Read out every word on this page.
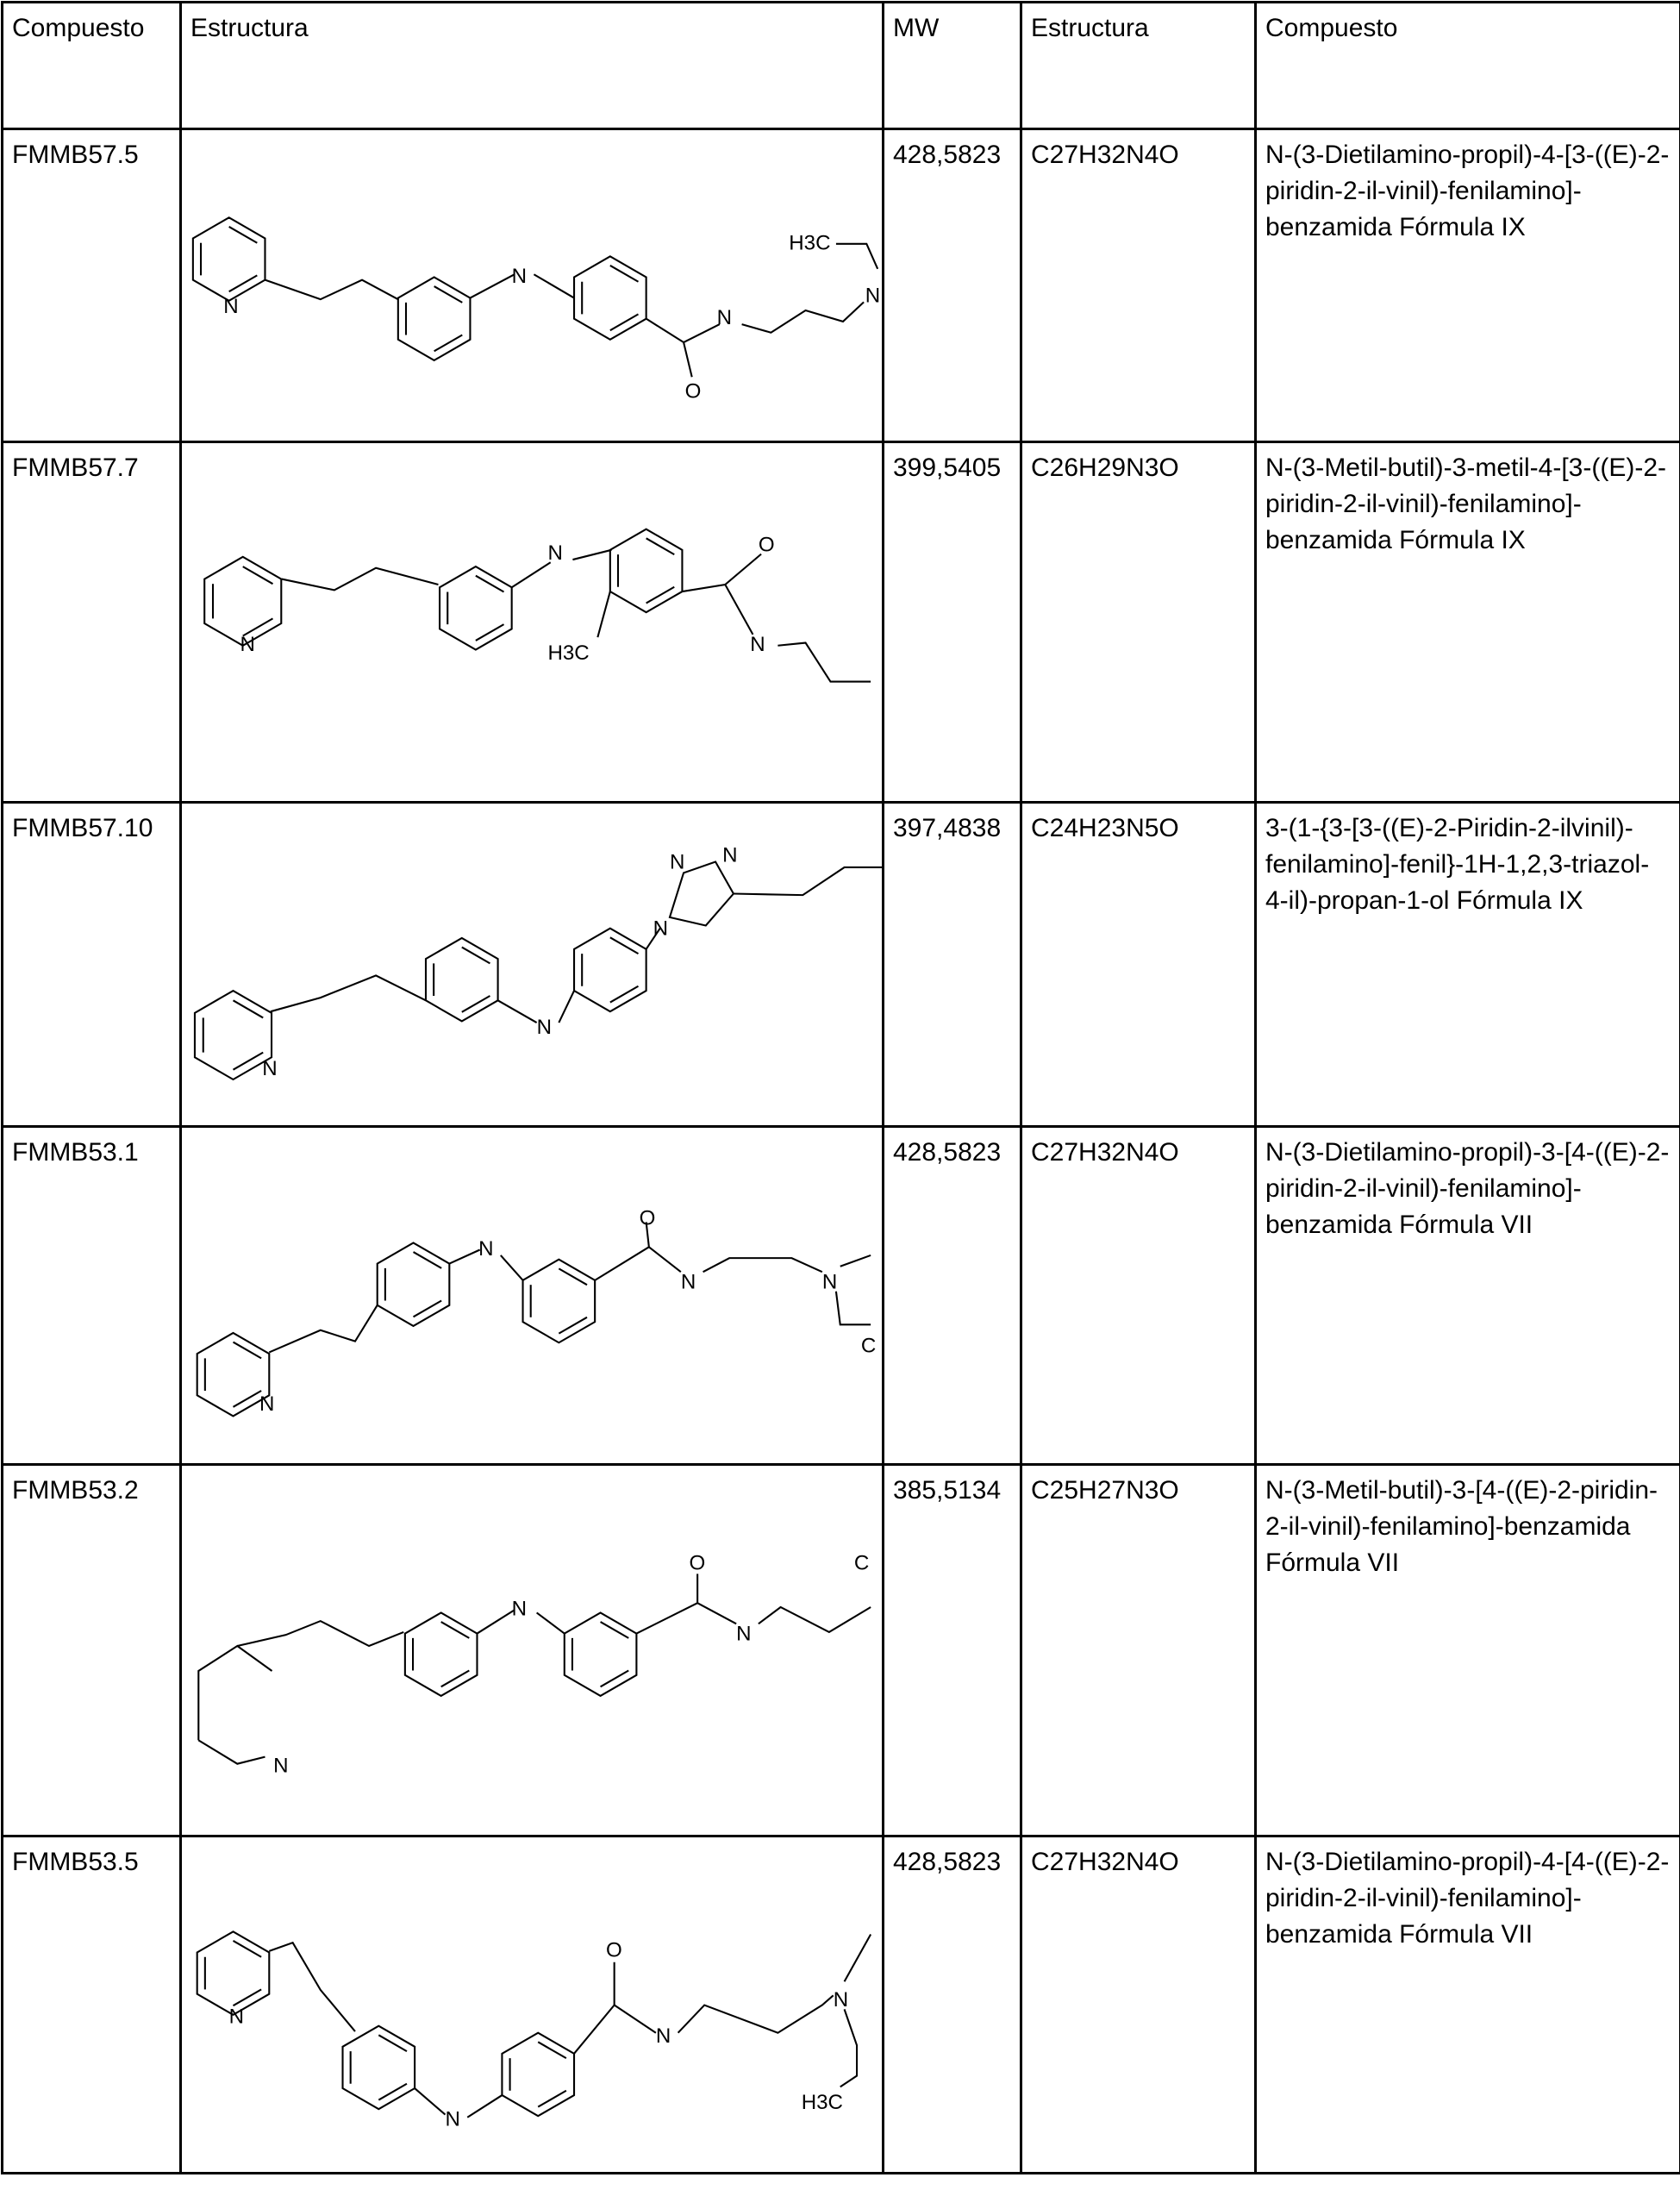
Compuesto	Estructura	MW	Estructura	Compuesto
FMMB57.5	
N
N
O
N
N
H3C
	428,5823	C27H32N4O	N-(3-Dietilamino-propil)-4-[3-((E)-2-piridin-2-il-vinil)-fenilamino]-benzamida Fórmula IX
FMMB57.7	
N
N
H3C
O
N
	399,5405	C26H29N3O	N-(3-Metil-butil)-3-metil-4-[3-((E)-2-piridin-2-il-vinil)-fenilamino]-benzamida Fórmula IX
FMMB57.10	
N
N
N
N	N
	397,4838	C24H23N5O	3-(1-{3-[3-((E)-2-Piridin-2-ilvinil)-fenilamino]-fenil}-1H-1,2,3-triazol-4-il)-propan-1-ol Fórmula IX
FMMB53.1	
N
N
O
N	N
C
	428,5823	C27H32N4O	N-(3-Dietilamino-propil)-3-[4-((E)-2-piridin-2-il-vinil)-fenilamino]-benzamida Fórmula VII
FMMB53.2	
N
N
O
N
C
	385,5134	C25H27N3O	N-(3-Metil-butil)-3-[4-((E)-2-piridin-2-il-vinil)-fenilamino]-benzamida Fórmula VII
FMMB53.5	
N
N
O
N
N
H3C
	428,5823	C27H32N4O	N-(3-Dietilamino-propil)-4-[4-((E)-2-piridin-2-il-vinil)-fenilamino]-benzamida Fórmula VII
